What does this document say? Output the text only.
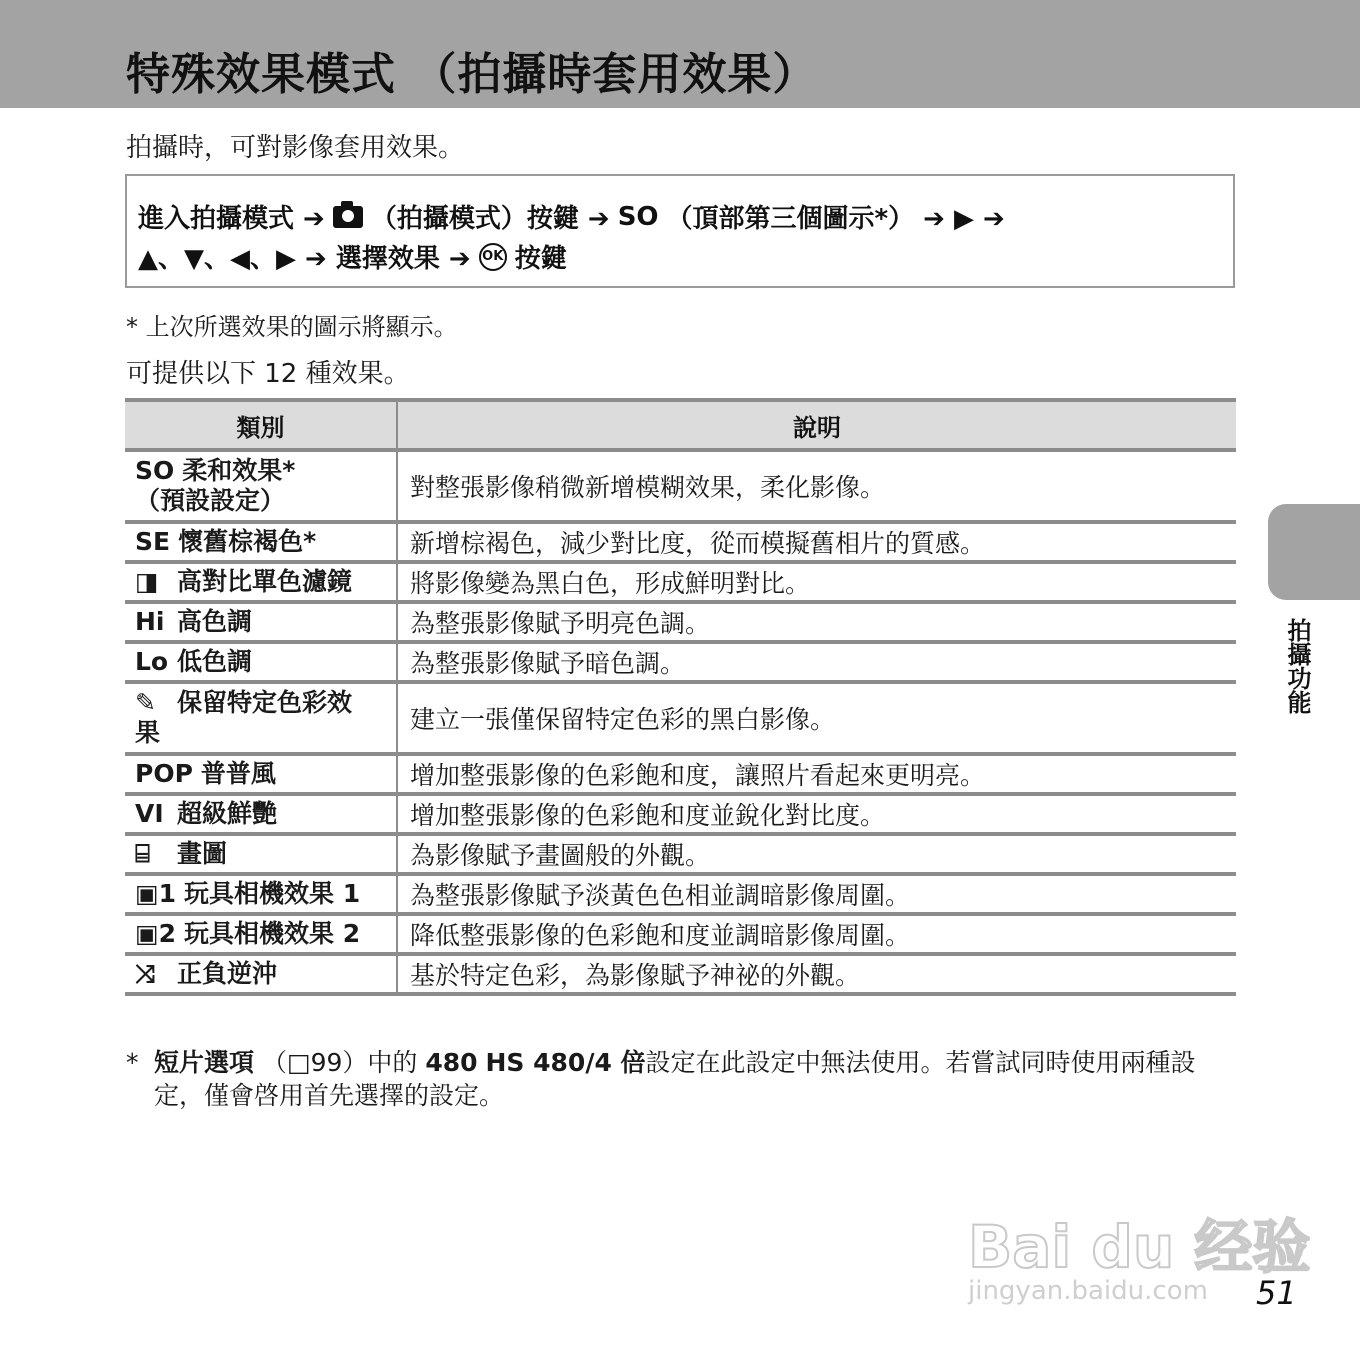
特殊效果模式 （拍攝時套用效果）
拍攝時，可對影像套用效果。
進入拍攝模式 ➔ （拍攝模式）按鍵 ➔ SO （頂部第三個圖示*） ➔ ▶ ➔
▲、▼、◀、▶ ➔ 選擇效果 ➔ OK 按鍵
* 上次所選效果的圖示將顯示。
可提供以下 12 種效果。
類別	說明
SO 柔和效果*
（預設設定）	對整張影像稍微新增模糊效果，柔化影像。
SE 懷舊棕褐色*	新增棕褐色，減少對比度，從而模擬舊相片的質感。
◨ 高對比單色濾鏡	將影像變為黑白色，形成鮮明對比。
Hi 高色調	為整張影像賦予明亮色調。
Lo 低色調	為整張影像賦予暗色調。
✎ 保留特定色彩效
果	建立一張僅保留特定色彩的黑白影像。
POP 普普風	增加整張影像的色彩飽和度，讓照片看起來更明亮。
VI 超級鮮艷	增加整張影像的色彩飽和度並銳化對比度。
⌸ 畫圖	為影像賦予畫圖般的外觀。
▣1 玩具相機效果 1	為整張影像賦予淡黃色色相並調暗影像周圍。
▣2 玩具相機效果 2	降低整張影像的色彩飽和度並調暗影像周圍。
⤨ 正負逆沖	基於特定色彩，為影像賦予神祕的外觀。
* 短片選項 （□99）中的 480 HS 480/4 倍設定在此設定中無法使用。若嘗試同時使用兩種設定，僅會啓用首先選擇的設定。
拍攝功能
Bai du 经验
jingyan.baidu.com 51
